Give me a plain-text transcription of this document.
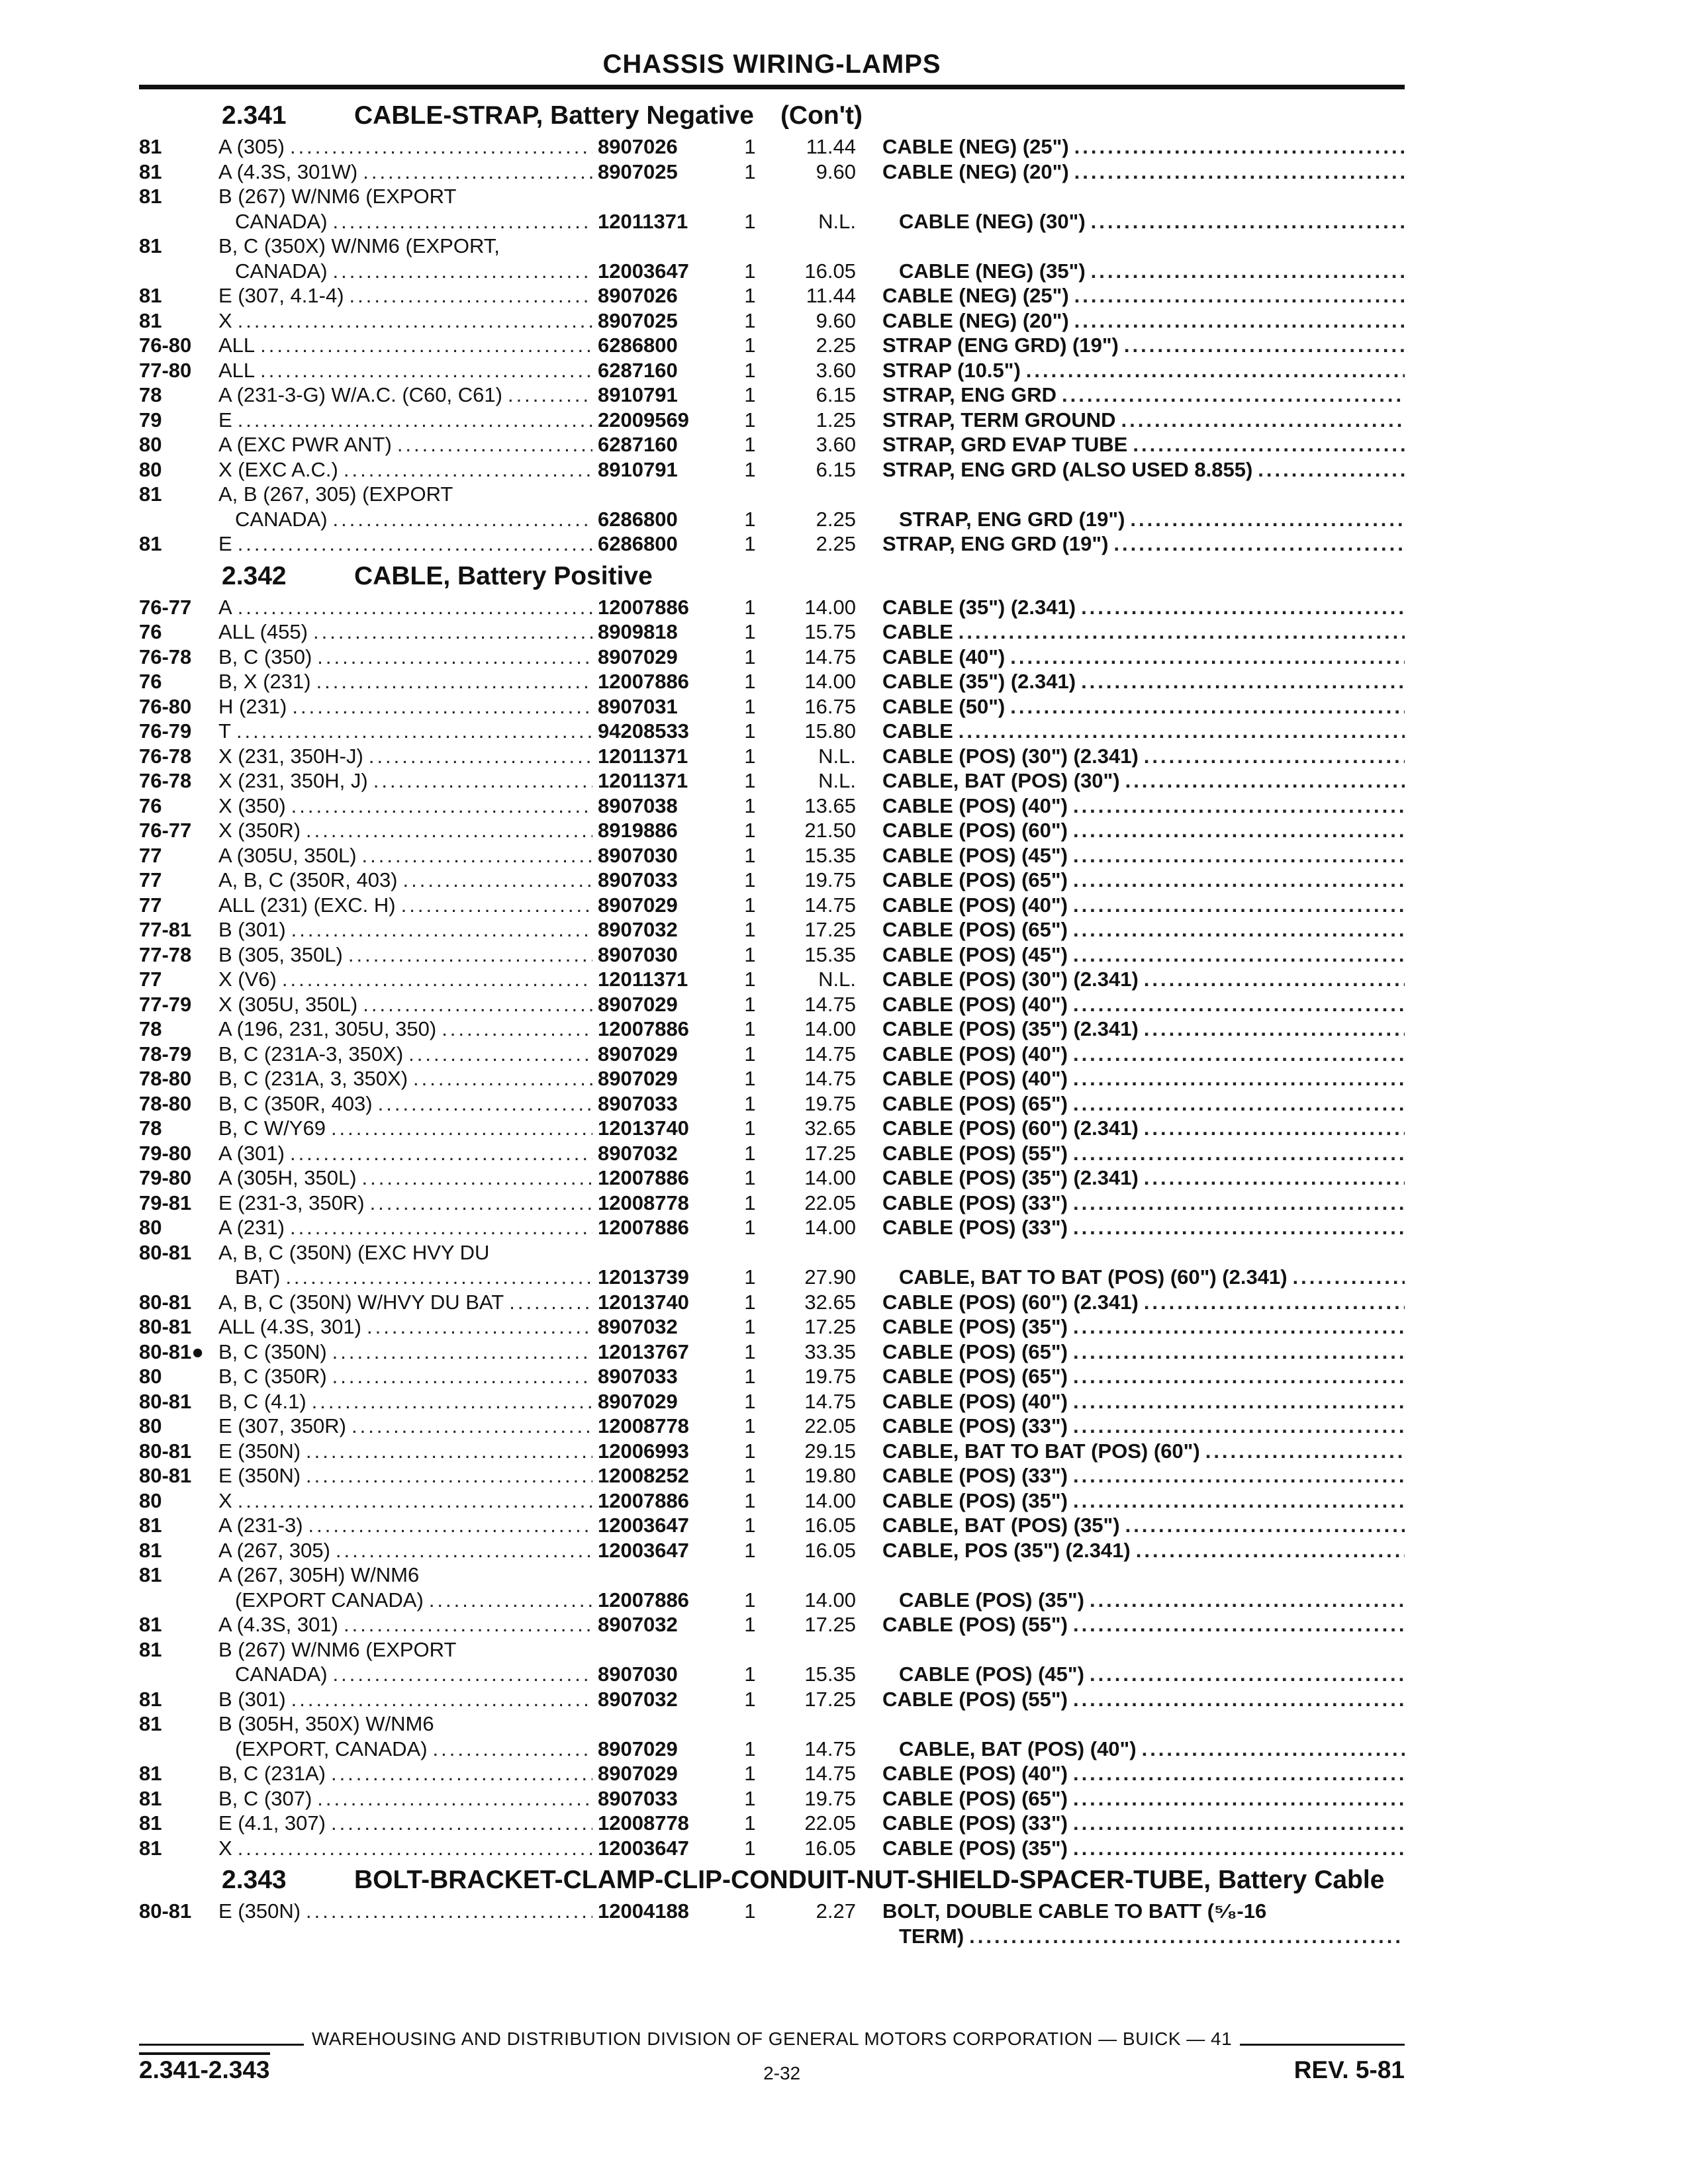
CHASSIS WIRING-LAMPS
2.341	CABLE-STRAP, Battery Negative (Con't)
81	A (305) .....	8907026	1	11.44	CABLE (NEG) (25")
.....
81	A (4.3S, 301W) .....	8907025	1	9.60	CABLE (NEG) (20")
.....
81	B (267) W/NM6 (EXPORT
CANADA) .....	12011371	1	N.L.	CABLE (NEG) (30")
.....
81	B, C (350X) W/NM6 (EXPORT,
CANADA) .....	12003647	1	16.05	CABLE (NEG) (35")
.....
81	E (307, 4.1-4) .....	8907026	1	11.44	CABLE (NEG) (25")
.....
81	X .....	8907025	1	9.60	CABLE (NEG) (20")
.....
76-80	ALL .....	6286800	1	2.25	STRAP (ENG GRD) (19")
.....
77-80	ALL .....	6287160	1	3.60	STRAP (10.5")
.....
78	A (231-3-G) W/A.C. (C60, C61) .....	8910791	1	6.15	STRAP, ENG GRD
.....
79	E .....	22009569	1	1.25	STRAP, TERM GROUND
.....
80	A (EXC PWR ANT) .....	6287160	1	3.60	STRAP, GRD EVAP TUBE
.....
80	X (EXC A.C.) .....	8910791	1	6.15	STRAP, ENG GRD (ALSO USED 8.855)
.....
81	A, B (267, 305) (EXPORT
CANADA) .....	6286800	1	2.25	STRAP, ENG GRD (19")
.....
81	E .....	6286800	1	2.25	STRAP, ENG GRD (19")
.....
2.342	CABLE, Battery Positive
76-77	A .....	12007886	1	14.00	CABLE (35") (2.341)
.....
76	ALL (455) .....	8909818	1	15.75	CABLE
.....
76-78	B, C (350) .....	8907029	1	14.75	CABLE (40")
.....
76	B, X (231) .....	12007886	1	14.00	CABLE (35") (2.341)
.....
76-80	H (231) .....	8907031	1	16.75	CABLE (50")
.....
76-79	T .....	94208533	1	15.80	CABLE
.....
76-78	X (231, 350H-J) .....	12011371	1	N.L.	CABLE (POS) (30") (2.341)
.....
76-78	X (231, 350H, J) .....	12011371	1	N.L.	CABLE, BAT (POS) (30")
.....
76	X (350) .....	8907038	1	13.65	CABLE (POS) (40")
.....
76-77	X (350R) .....	8919886	1	21.50	CABLE (POS) (60")
.....
77	A (305U, 350L) .....	8907030	1	15.35	CABLE (POS) (45")
.....
77	A, B, C (350R, 403) .....	8907033	1	19.75	CABLE (POS) (65")
.....
77	ALL (231) (EXC. H) .....	8907029	1	14.75	CABLE (POS) (40")
.....
77-81	B (301) .....	8907032	1	17.25	CABLE (POS) (65")
.....
77-78	B (305, 350L) .....	8907030	1	15.35	CABLE (POS) (45")
.....
77	X (V6) .....	12011371	1	N.L.	CABLE (POS) (30") (2.341)
.....
77-79	X (305U, 350L) .....	8907029	1	14.75	CABLE (POS) (40")
.....
78	A (196, 231, 305U, 350) .....	12007886	1	14.00	CABLE (POS) (35") (2.341)
.....
78-79	B, C (231A-3, 350X) .....	8907029	1	14.75	CABLE (POS) (40")
.....
78-80	B, C (231A, 3, 350X) .....	8907029	1	14.75	CABLE (POS) (40")
.....
78-80	B, C (350R, 403) .....	8907033	1	19.75	CABLE (POS) (65")
.....
78	B, C W/Y69 .....	12013740	1	32.65	CABLE (POS) (60") (2.341)
.....
79-80	A (301) .....	8907032	1	17.25	CABLE (POS) (55")
.....
79-80	A (305H, 350L) .....	12007886	1	14.00	CABLE (POS) (35") (2.341)
.....
79-81	E (231-3, 350R) .....	12008778	1	22.05	CABLE (POS) (33")
.....
80	A (231) .....	12007886	1	14.00	CABLE (POS) (33")
.....
80-81	A, B, C (350N) (EXC HVY DU
BAT) .....	12013739	1	27.90	CABLE, BAT TO BAT (POS) (60") (2.341)
.....
80-81	A, B, C (350N) W/HVY DU BAT .....	12013740	1	32.65	CABLE (POS) (60") (2.341)
.....
80-81	ALL (4.3S, 301) .....	8907032	1	17.25	CABLE (POS) (35")
.....
80-81● B, C (350N) .....	12013767	1	33.35	CABLE (POS) (65")
.....
80	B, C (350R) .....	8907033	1	19.75	CABLE (POS) (65")
.....
80-81	B, C (4.1) .....	8907029	1	14.75	CABLE (POS) (40")
.....
80	E (307, 350R) .....	12008778	1	22.05	CABLE (POS) (33")
.....
80-81	E (350N) .....	12006993	1	29.15	CABLE, BAT TO BAT (POS) (60")
.....
80-81	E (350N) .....	12008252	1	19.80	CABLE (POS) (33")
.....
80	X .....	12007886	1	14.00	CABLE (POS) (35")
.....
81	A (231-3) .....	12003647	1	16.05	CABLE, BAT (POS) (35")
.....
81	A (267, 305) .....	12003647	1	16.05	CABLE, POS (35") (2.341)
.....
81	A (267, 305H) W/NM6
(EXPORT CANADA) .....	12007886	1	14.00	CABLE (POS) (35")
.....
81	A (4.3S, 301) .....	8907032	1	17.25	CABLE (POS) (55")
.....
81	B (267) W/NM6 (EXPORT
CANADA) .....	8907030	1	15.35	CABLE (POS) (45")
.....
81	B (301) .....	8907032	1	17.25	CABLE (POS) (55")
.....
81	B (305H, 350X) W/NM6
(EXPORT, CANADA) .....	8907029	1	14.75	CABLE, BAT (POS) (40")
.....
81	B, C (231A) .....	8907029	1	14.75	CABLE (POS) (40")
.....
81	B, C (307) .....	8907033	1	19.75	CABLE (POS) (65")
.....
81	E (4.1, 307) .....	12008778	1	22.05	CABLE (POS) (33")
.....
81	X .....	12003647	1	16.05	CABLE (POS) (35")
.....
2.343	BOLT-BRACKET-CLAMP-CLIP-CONDUIT-NUT-SHIELD-SPACER-TUBE, Battery Cable
80-81	E (350N) .....	12004188	1	2.27	BOLT, DOUBLE CABLE TO BATT (⁵⁄₈-16
TERM)
.....
WAREHOUSING AND DISTRIBUTION DIVISION OF GENERAL MOTORS CORPORATION — BUICK — 41
2.341-2.343	2-32	REV. 5-81
